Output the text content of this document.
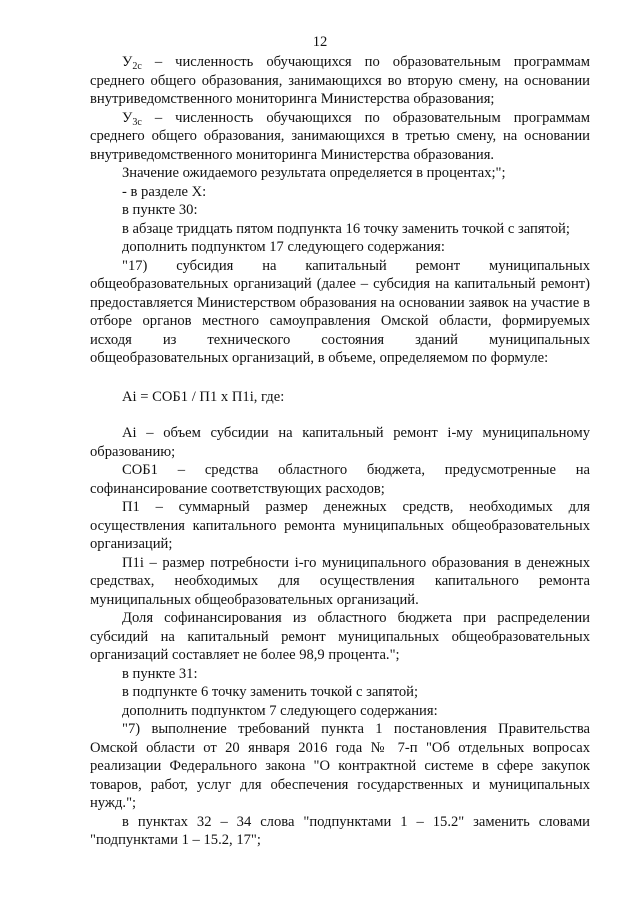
12

$У_{2с}$ – численность обучающихся по образовательным программам среднего общего образования, занимающихся во вторую смену, на основании внутриведомственного мониторинга Министерства образования;

$У_{3с}$ – численность обучающихся по образовательным программам среднего общего образования, занимающихся в третью смену, на основании внутриведомственного мониторинга Министерства образования.

Значение ожидаемого результата определяется в процентах;";

- в разделе X:

в пункте 30:

в абзаце тридцать пятом подпункта 16 точку заменить точкой с запятой;

дополнить подпунктом 17 следующего содержания:

"17) субсидия на капитальный ремонт муниципальных общеобразовательных организаций (далее – субсидия на капитальный ремонт) предоставляется Министерством образования на основании заявок на участие в отборе органов местного самоуправления Омской области, формируемых исходя из технического состояния зданий муниципальных общеобразовательных организаций, в объеме, определяемом по формуле:

Ai = СОБ1 / П1 х П1i, где:

Ai – объем субсидии на капитальный ремонт i-му муниципальному образованию;

СОБ1 – средства областного бюджета, предусмотренные на софинансирование соответствующих расходов;

П1 – суммарный размер денежных средств, необходимых для осуществления капитального ремонта муниципальных общеобразовательных организаций;

П1i – размер потребности i-го муниципального образования в денежных средствах, необходимых для осуществления капитального ремонта муниципальных общеобразовательных организаций.

Доля софинансирования из областного бюджета при распределении субсидий на капитальный ремонт муниципальных общеобразовательных организаций составляет не более 98,9 процента.";

в пункте 31:

в подпункте 6 точку заменить точкой с запятой;

дополнить подпунктом 7 следующего содержания:

"7) выполнение требований пункта 1 постановления Правительства Омской области от 20 января 2016 года № 7-п "Об отдельных вопросах реализации Федерального закона "О контрактной системе в сфере закупок товаров, работ, услуг для обеспечения государственных и муниципальных нужд.";

в пунктах 32 – 34 слова "подпунктами 1 – 15.2" заменить словами "подпунктами 1 – 15.2, 17";
